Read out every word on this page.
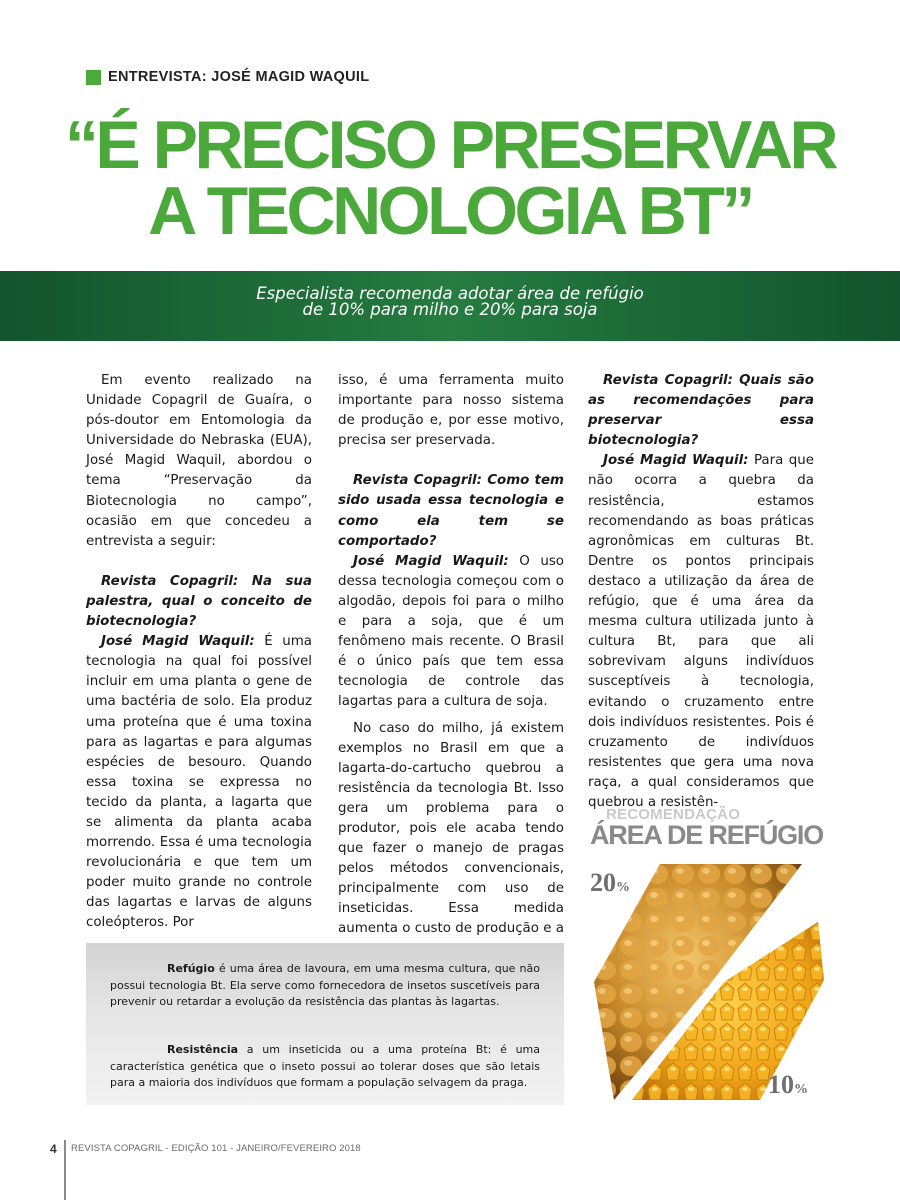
ENTREVISTA: JOSÉ MAGID WAQUIL
“É PRECISO PRESERVAR
A TECNOLOGIA BT”
Especialista recomenda adotar área de refúgio
de 10% para milho e 20% para soja

Em evento realizado na Unidade Copagril de Guaíra, o pós-doutor em Entomologia da Universidade do Nebraska (EUA), José Magid Waquil, abordou o tema “Preservação da Biotecnologia no campo”, ocasião em que concedeu a entrevista a seguir:

Revista Copagril: Na sua palestra, qual o conceito de biotecnologia?

José Magid Waquil: É uma tecnologia na qual foi possível incluir em uma planta o gene de uma bactéria de solo. Ela produz uma proteína que é uma toxina para as lagartas e para algumas espécies de besouro. Quando essa toxina se expressa no tecido da planta, a lagarta que se alimenta da planta acaba morrendo. Essa é uma tecnologia revolucionária e que tem um poder muito grande no controle das lagartas e larvas de alguns coleópteros. Por

isso, é uma ferramenta muito importante para nosso sistema de produção e, por esse motivo, precisa ser preservada.

Revista Copagril: Como tem sido usada essa tecnologia e como ela tem se comportado?

José Magid Waquil: O uso dessa tecnologia começou com o algodão, depois foi para o milho e para a soja, que é um fenômeno mais recente. O Brasil é o único país que tem essa tecnologia de controle das lagartas para a cultura de soja.

No caso do milho, já existem exemplos no Brasil em que a lagarta-do-cartucho quebrou a resistência da tecnologia Bt. Isso gera um problema para o produtor, pois ele acaba tendo que fazer o manejo de pragas pelos métodos convencionais, principalmente com uso de inseticidas. Essa medida aumenta o custo de produção e a

Revista Copagril: Quais são as recomendações para preservar essa biotecnologia?

José Magid Waquil: Para que não ocorra a quebra da resistência, estamos recomendando as boas práticas agronômicas em culturas Bt. Dentre os pontos principais destaco a utilização da área de refúgio, que é uma área da mesma cultura utilizada junto à cultura Bt, para que ali sobrevivam alguns indivíduos susceptíveis à tecnologia, evitando o cruzamento entre dois indivíduos resistentes. Pois é cruzamento de indivíduos resistentes que gera uma nova raça, a qual consideramos que quebrou a resistên-

Refúgio é uma área de lavoura, em uma mesma cultura, que não possui tecnologia Bt. Ela serve como fornecedora de insetos suscetíveis para prevenir ou retardar a evolução da resistência das plantas às lagartas.

Resistência a um inseticida ou a uma proteína Bt: é uma característica genética que o inseto possui ao tolerar doses que são letais para a maioria dos indivíduos que formam a população selvagem da praga.

RECOMENDAÇÃO
ÁREA DE REFÚGIO
20%
10%
4 REVISTA COPAGRIL - EDIÇÃO 101 - JANEIRO/FEVEREIRO 2018
